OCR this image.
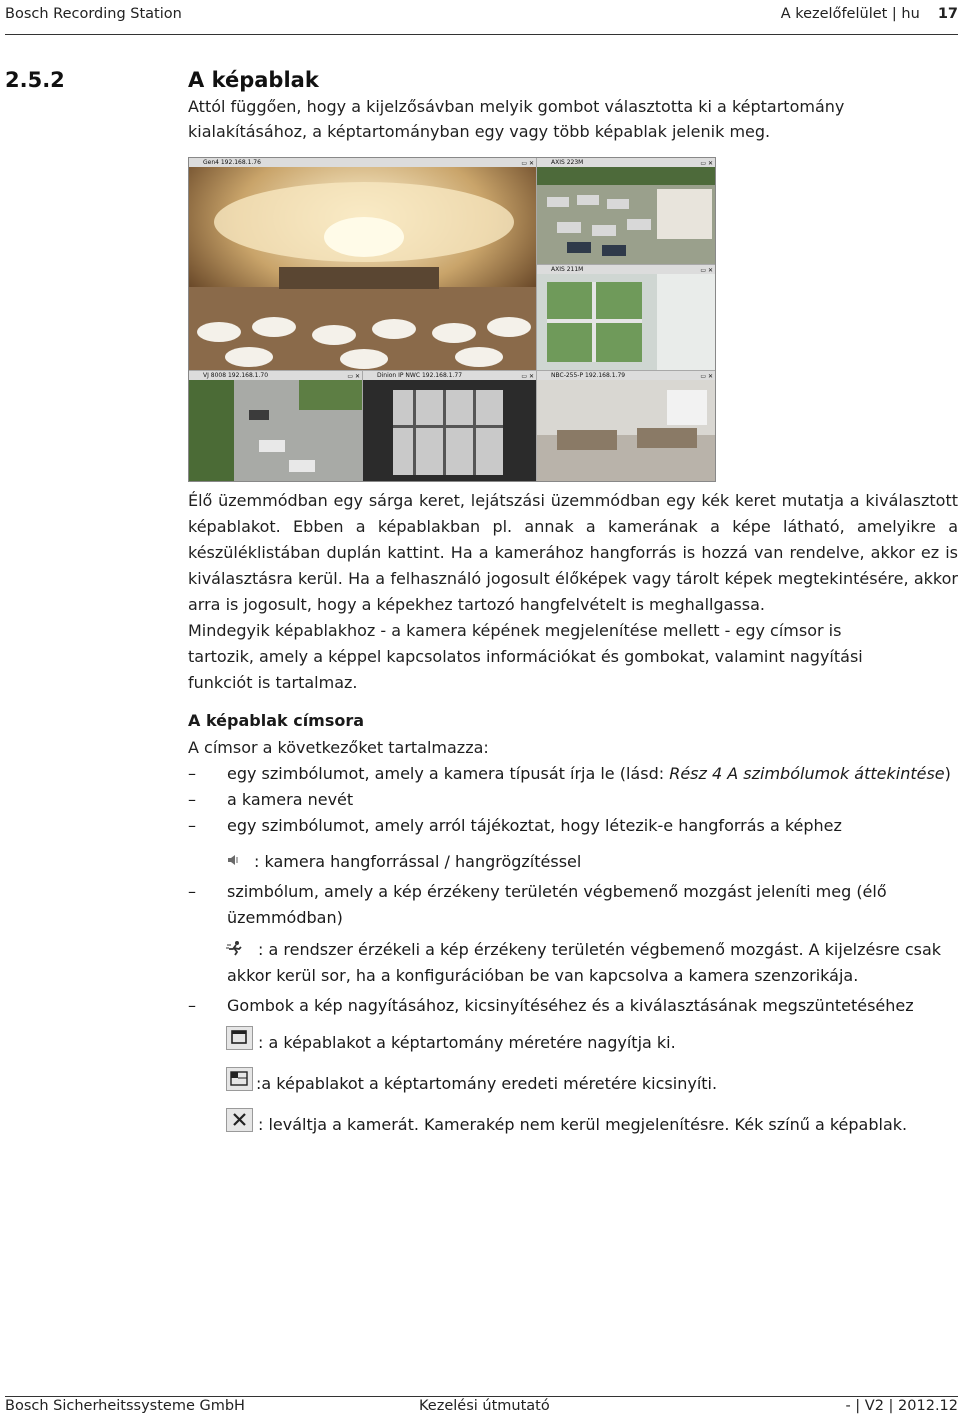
Bosch Recording Station	A kezelőfelület | hu 17
2.5.2	A képablak
Attól függően, hogy a kijelzősávban melyik gombot választotta ki a képtartomány kialakításához, a képtartományban egy vagy több képablak jelenik meg.
Gen4 192.168.1.76	▭ ✕	AXIS 223M	▭ ✕
AXIS 211M	▭ ✕
VJ 8008 192.168.1.70	▭ ✕	Dinion IP NWC 192.168.1.77	▭ ✕	NBC-255-P 192.168.1.79	▭ ✕
Élő üzemmódban egy sárga keret, lejátszási üzemmódban egy kék keret mutatja a kiválasztott képablakot. Ebben a képablakban pl. annak a kamerának a képe látható, amelyikre a készüléklistában duplán kattint. Ha a kamerához hangforrás is hozzá van rendelve, akkor ez is kiválasztásra kerül. Ha a felhasználó jogosult élőképek vagy tárolt képek megtekintésére, akkor arra is jogosult, hogy a képekhez tartozó hangfelvételt is meghallgassa.
Mindegyik képablakhoz - a kamera képének megjelenítése mellett - egy címsor is tartozik, amely a képpel kapcsolatos információkat és gombokat, valamint nagyítási funkciót is tartalmaz.
A képablak címsora
A címsor a következőket tartalmazza:
– egy szimbólumot, amely a kamera típusát írja le (lásd: Rész 4 A szimbólumok áttekintése)
– a kamera nevét
– egy szimbólumot, amely arról tájékoztat, hogy létezik-e hangforrás a képhez
: kamera hangforrással / hangrögzítéssel
– szimbólum, amely a kép érzékeny területén végbemenő mozgást jeleníti meg (élő
üzemmódban)
: a rendszer érzékeli a kép érzékeny területén végbemenő mozgást. A kijelzésre csak
akkor kerül sor, ha a konfigurációban be van kapcsolva a kamera szenzorikája.
– Gombok a kép nagyításához, kicsinyítéséhez és a kiválasztásának megszüntetéséhez
: a képablakot a képtartomány méretére nagyítja ki.
:a képablakot a képtartomány eredeti méretére kicsinyíti.
: leváltja a kamerát. Kamerakép nem kerül megjelenítésre. Kék színű a képablak.
Bosch Sicherheitssysteme GmbH	Kezelési útmutató	- | V2 | 2012.12
